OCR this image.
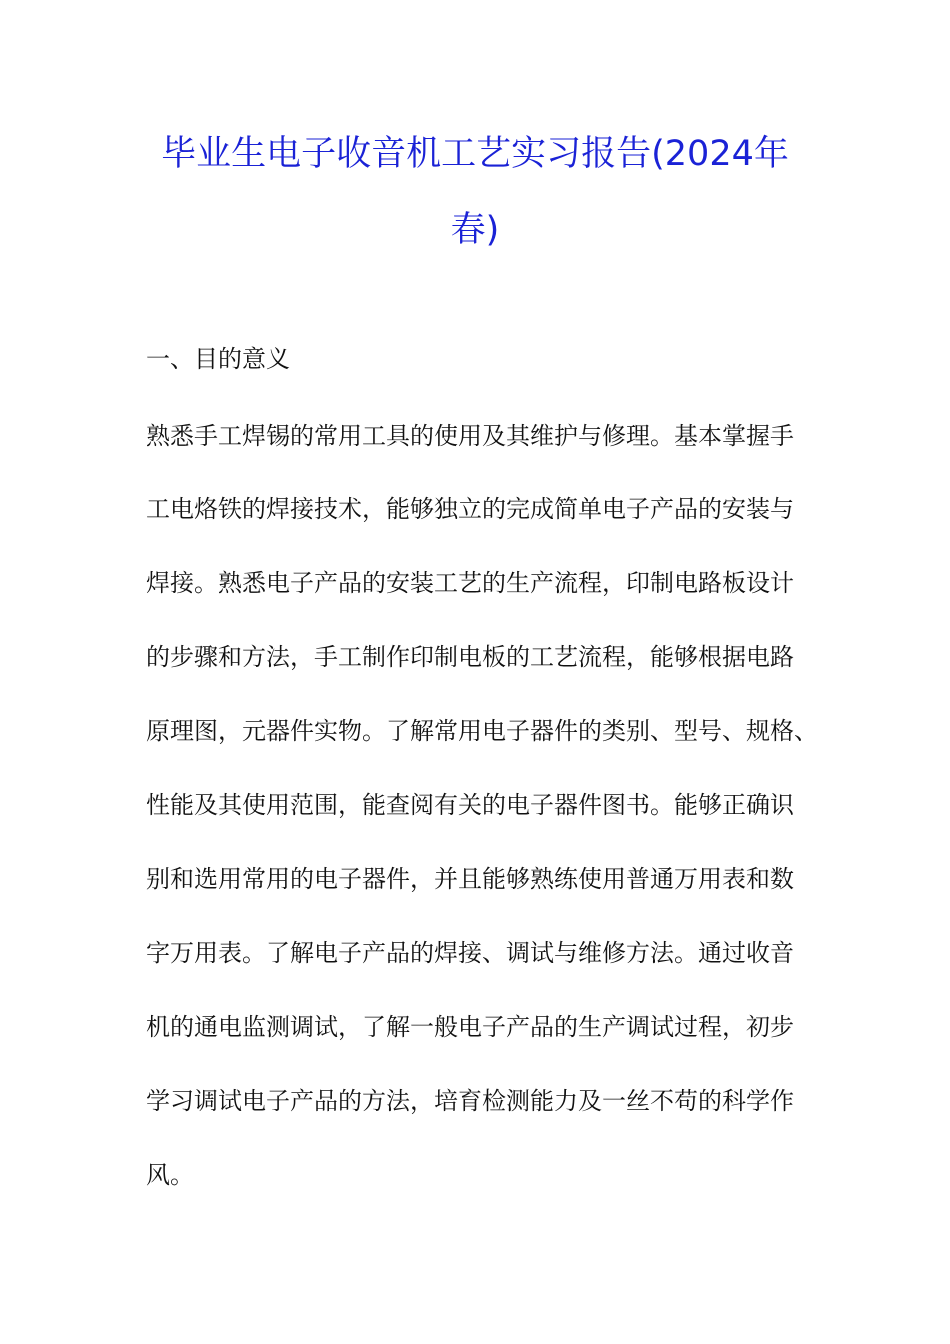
毕业生电子收音机工艺实习报告(2024年
春)
一、目的意义
熟悉手工焊锡的常用工具的使用及其维护与修理。基本掌握手
工电烙铁的焊接技术，能够独立的完成简单电子产品的安装与
焊接。熟悉电子产品的安装工艺的生产流程，印制电路板设计
的步骤和方法，手工制作印制电板的工艺流程，能够根据电路
原理图，元器件实物。了解常用电子器件的类别、型号、规格、
性能及其使用范围，能查阅有关的电子器件图书。能够正确识
别和选用常用的电子器件，并且能够熟练使用普通万用表和数
字万用表。了解电子产品的焊接、调试与维修方法。通过收音
机的通电监测调试，了解一般电子产品的生产调试过程，初步
学习调试电子产品的方法，培育检测能力及一丝不苟的科学作
风。
